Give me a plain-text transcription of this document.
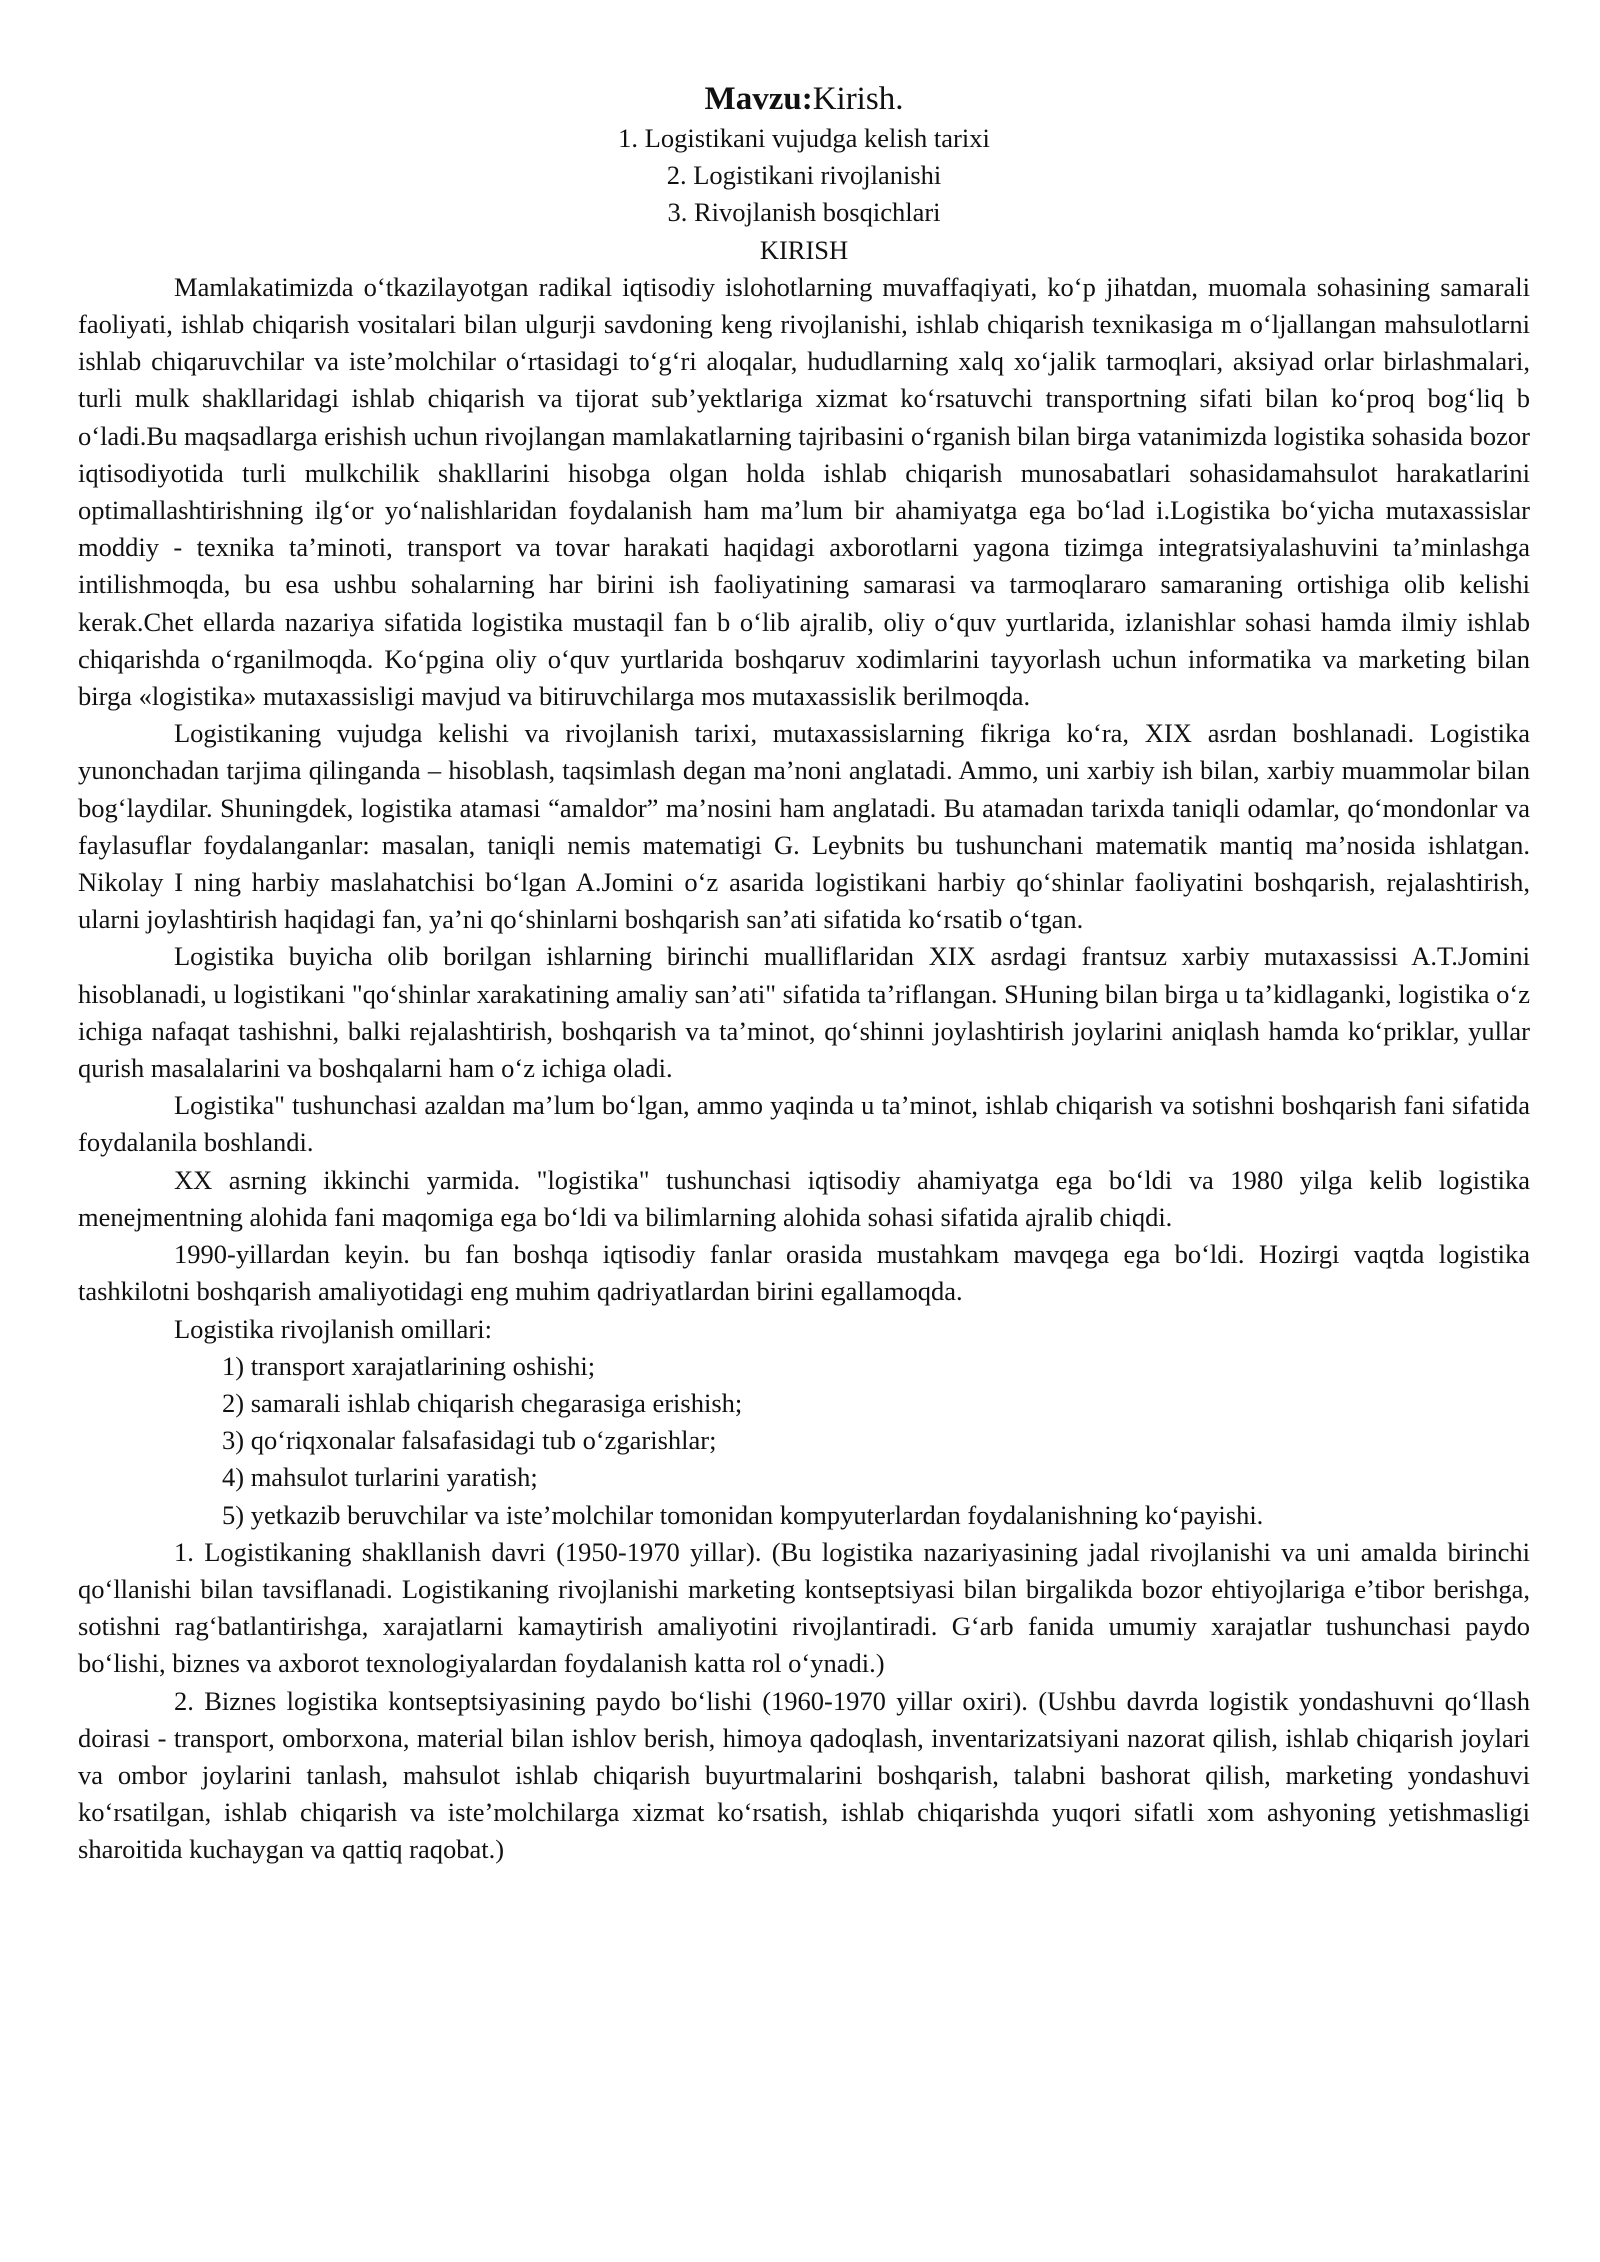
Mavzu:Kirish.

1. Logistikani vujudga kelish tarixi

2. Logistikani rivojlanishi

3. Rivojlanish bosqichlari

KIRISH

Mamlakatimizda o‘tkazilayotgan radikal iqtisodiy islohotlarning muvaffaqiyati, ko‘p jihatdan, muomala sohasining samarali faoliyati, ishlab chiqarish vositalari bilan ulgurji savdoning keng rivojlanishi, ishlab chiqarish texnikasiga m o‘ljallangan mahsulotlarni ishlab chiqaruvchilar va iste’molchilar o‘rtasidagi to‘g‘ri aloqalar, hududlarning xalq xo‘jalik tarmoqlari, aksiyad orlar birlashmalari, turli mulk shakllaridagi ishlab chiqarish va tijorat sub’yektlariga xizmat ko‘rsatuvchi transportning sifati bilan ko‘proq bog‘liq b o‘ladi.Bu maqsadlarga erishish uchun rivojlangan mamlakatlarning tajribasini o‘rganish bilan birga vatanimizda logistika sohasida bozor iqtisodiyotida turli mulkchilik shakllarini hisobga olgan holda ishlab chiqarish munosabatlari sohasidamahsulot harakatlarini optimallashtirishning ilg‘or yo‘nalishlaridan foydalanish ham ma’lum bir ahamiyatga ega bo‘lad i.Logistika bo‘yicha mutaxassislar moddiy - texnika ta’minoti, transport va tovar harakati haqidagi axborotlarni yagona tizimga integratsiyalashuvini ta’minlashga intilishmoqda, bu esa ushbu sohalarning har birini ish faoliyatining samarasi va tarmoqlararo samaraning ortishiga olib kelishi kerak.Chet ellarda nazariya sifatida logistika mustaqil fan b o‘lib ajralib, oliy o‘quv yurtlarida, izlanishlar sohasi hamda ilmiy ishlab chiqarishda o‘rganilmoqda. Ko‘pgina oliy o‘quv yurtlarida boshqaruv xodimlarini tayyorlash uchun informatika va marketing bilan birga «logistika» mutaxassisligi mavjud va bitiruvchilarga mos mutaxassislik berilmoqda.

Logistikaning vujudga kelishi va rivojlanish tarixi, mutaxassislarning fikriga ko‘ra, XIX asrdan boshlanadi. Logistika yunonchadan tarjima qilinganda – hisoblash, taqsimlash degan ma’noni anglatadi. Ammo, uni xarbiy ish bilan, xarbiy muammolar bilan bog‘laydilar. Shuningdek, logistika atamasi “amaldor” ma’nosini ham anglatadi. Bu atamadan tarixda taniqli odamlar, qo‘mondonlar va faylasuflar foydalanganlar: masalan, taniqli nemis matematigi G. Leybnits bu tushunchani matematik mantiq ma’nosida ishlatgan. Nikolay I ning harbiy maslahatchisi bo‘lgan A.Jomini o‘z asarida logistikani harbiy qo‘shinlar faoliyatini boshqarish, rejalashtirish, ularni joylashtirish haqidagi fan, ya’ni qo‘shinlarni boshqarish san’ati sifatida ko‘rsatib o‘tgan.

Logistika buyicha olib borilgan ishlarning birinchi mualliflaridan XIX asrdagi frantsuz xarbiy mutaxassissi A.T.Jomini hisoblanadi, u logistikani "qo‘shinlar xarakatining amaliy san’ati" sifatida ta’riflangan. SHuning bilan birga u ta’kidlaganki, logistika o‘z ichiga nafaqat tashishni, balki rejalashtirish, boshqarish va ta’minot, qo‘shinni joylashtirish joylarini aniqlash hamda ko‘priklar, yullar qurish masalalarini va boshqalarni ham o‘z ichiga oladi.

Logistika" tushunchasi azaldan ma’lum bo‘lgan, ammo yaqinda u ta’minot, ishlab chiqarish va sotishni boshqarish fani sifatida foydalanila boshlandi.

XX asrning ikkinchi yarmida. "logistika" tushunchasi iqtisodiy ahamiyatga ega bo‘ldi va 1980 yilga kelib logistika menejmentning alohida fani maqomiga ega bo‘ldi va bilimlarning alohida sohasi sifatida ajralib chiqdi.

1990-yillardan keyin. bu fan boshqa iqtisodiy fanlar orasida mustahkam mavqega ega bo‘ldi. Hozirgi vaqtda logistika tashkilotni boshqarish amaliyotidagi eng muhim qadriyatlardan birini egallamoqda.

Logistika rivojlanish omillari:

1) transport xarajatlarining oshishi;
2) samarali ishlab chiqarish chegarasiga erishish;
3) qo‘riqxonalar falsafasidagi tub o‘zgarishlar;
4) mahsulot turlarini yaratish;
5) yetkazib beruvchilar va iste’molchilar tomonidan kompyuterlardan foydalanishning ko‘payishi.

1. Logistikaning shakllanish davri (1950-1970 yillar). (Bu logistika nazariyasining jadal rivojlanishi va uni amalda birinchi qo‘llanishi bilan tavsiflanadi. Logistikaning rivojlanishi marketing kontseptsiyasi bilan birgalikda bozor ehtiyojlariga e’tibor berishga, sotishni rag‘batlantirishga, xarajatlarni kamaytirish amaliyotini rivojlantiradi. G‘arb fanida umumiy xarajatlar tushunchasi paydo bo‘lishi, biznes va axborot texnologiyalardan foydalanish katta rol o‘ynadi.)

2. Biznes logistika kontseptsiyasining paydo bo‘lishi (1960-1970 yillar oxiri). (Ushbu davrda logistik yondashuvni qo‘llash doirasi - transport, omborxona, material bilan ishlov berish, himoya qadoqlash, inventarizatsiyani nazorat qilish, ishlab chiqarish joylari va ombor joylarini tanlash, mahsulot ishlab chiqarish buyurtmalarini boshqarish, talabni bashorat qilish, marketing yondashuvi ko‘rsatilgan, ishlab chiqarish va iste’molchilarga xizmat ko‘rsatish, ishlab chiqarishda yuqori sifatli xom ashyoning yetishmasligi sharoitida kuchaygan va qattiq raqobat.)
